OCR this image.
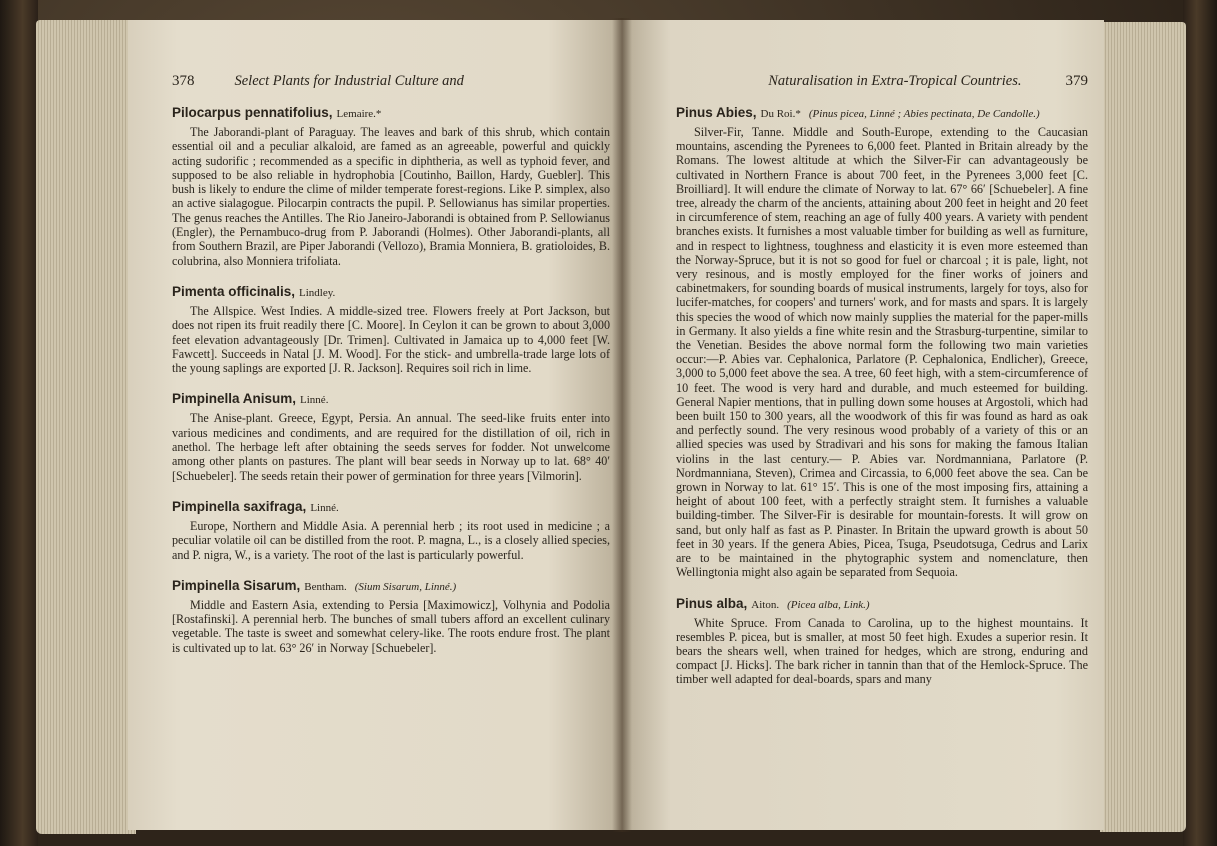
378	Select Plants for Industrial Culture and
Pilocarpus pennatifolius, Lemaire.*

The Jaborandi-plant of Paraguay. The leaves and bark of this shrub, which contain essential oil and a peculiar alkaloid, are famed as an agreeable, powerful and quickly acting sudorific ; recommended as a specific in diphtheria, as well as typhoid fever, and supposed to be also reliable in hydrophobia [Coutinho, Baillon, Hardy, Guebler]. This bush is likely to endure the clime of milder temperate forest-regions. Like P. simplex, also an active sialagogue. Pilocarpin contracts the pupil. P. Sellowianus has similar properties. The genus reaches the Antilles. The Rio Janeiro-Jaborandi is obtained from P. Sellowianus (Engler), the Pernambuco-drug from P. Jaborandi (Holmes). Other Jaborandi-plants, all from Southern Brazil, are Piper Jaborandi (Vellozo), Bramia Monniera, B. gratioloides, B. colubrina, also Monniera trifoliata.

Pimenta officinalis, Lindley.

The Allspice. West Indies. A middle-sized tree. Flowers freely at Port Jackson, but does not ripen its fruit readily there [C. Moore]. In Ceylon it can be grown to about 3,000 feet elevation advantageously [Dr. Trimen]. Cultivated in Jamaica up to 4,000 feet [W. Fawcett]. Succeeds in Natal [J. M. Wood]. For the stick- and umbrella-trade large lots of the young saplings are exported [J. R. Jackson]. Requires soil rich in lime.

Pimpinella Anisum, Linné.

The Anise-plant. Greece, Egypt, Persia. An annual. The seed-like fruits enter into various medicines and condiments, and are required for the distillation of oil, rich in anethol. The herbage left after obtaining the seeds serves for fodder. Not unwelcome among other plants on pastures. The plant will bear seeds in Norway up to lat. 68° 40′ [Schuebeler]. The seeds retain their power of germination for three years [Vilmorin].

Pimpinella saxifraga, Linné.

Europe, Northern and Middle Asia. A perennial herb ; its root used in medicine ; a peculiar volatile oil can be distilled from the root. P. magna, L., is a closely allied species, and P. nigra, W., is a variety. The root of the last is particularly powerful.

Pimpinella Sisarum, Bentham. (Sium Sisarum, Linné.)

Middle and Eastern Asia, extending to Persia [Maximowicz], Volhynia and Podolia [Rostafinski]. A perennial herb. The bunches of small tubers afford an excellent culinary vegetable. The taste is sweet and somewhat celery-like. The roots endure frost. The plant is cultivated up to lat. 63° 26′ in Norway [Schuebeler].

Naturalisation in Extra-Tropical Countries.	379
Pinus Abies, Du Roi.* (Pinus picea, Linné ; Abies pectinata, De Candolle.)

Silver-Fir, Tanne. Middle and South-Europe, extending to the Caucasian mountains, ascending the Pyrenees to 6,000 feet. Planted in Britain already by the Romans. The lowest altitude at which the Silver-Fir can advantageously be cultivated in Northern France is about 700 feet, in the Pyrenees 3,000 feet [C. Broilliard]. It will endure the climate of Norway to lat. 67° 66′ [Schuebeler]. A fine tree, already the charm of the ancients, attaining about 200 feet in height and 20 feet in circumference of stem, reaching an age of fully 400 years. A variety with pendent branches exists. It furnishes a most valuable timber for building as well as furniture, and in respect to lightness, toughness and elasticity it is even more esteemed than the Norway-Spruce, but it is not so good for fuel or charcoal ; it is pale, light, not very resinous, and is mostly employed for the finer works of joiners and cabinetmakers, for sounding boards of musical instruments, largely for toys, also for lucifer-matches, for coopers' and turners' work, and for masts and spars. It is largely this species the wood of which now mainly supplies the material for the paper-mills in Germany. It also yields a fine white resin and the Strasburg-turpentine, similar to the Venetian. Besides the above normal form the following two main varieties occur:—P. Abies var. Cephalonica, Parlatore (P. Cephalonica, Endlicher), Greece, 3,000 to 5,000 feet above the sea. A tree, 60 feet high, with a stem-circumference of 10 feet. The wood is very hard and durable, and much esteemed for building. General Napier mentions, that in pulling down some houses at Argostoli, which had been built 150 to 300 years, all the woodwork of this fir was found as hard as oak and perfectly sound. The very resinous wood probably of a variety of this or an allied species was used by Stradivari and his sons for making the famous Italian violins in the last century.— P. Abies var. Nordmanniana, Parlatore (P. Nordmanniana, Steven), Crimea and Circassia, to 6,000 feet above the sea. Can be grown in Norway to lat. 61° 15′. This is one of the most imposing firs, attaining a height of about 100 feet, with a perfectly straight stem. It furnishes a valuable building-timber. The Silver-Fir is desirable for mountain-forests. It will grow on sand, but only half as fast as P. Pinaster. In Britain the upward growth is about 50 feet in 30 years. If the genera Abies, Picea, Tsuga, Pseudotsuga, Cedrus and Larix are to be maintained in the phytographic system and nomenclature, then Wellingtonia might also again be separated from Sequoia.

Pinus alba, Aiton. (Picea alba, Link.)

White Spruce. From Canada to Carolina, up to the highest mountains. It resembles P. picea, but is smaller, at most 50 feet high. Exudes a superior resin. It bears the shears well, when trained for hedges, which are strong, enduring and compact [J. Hicks]. The bark richer in tannin than that of the Hemlock-Spruce. The timber well adapted for deal-boards, spars and many
